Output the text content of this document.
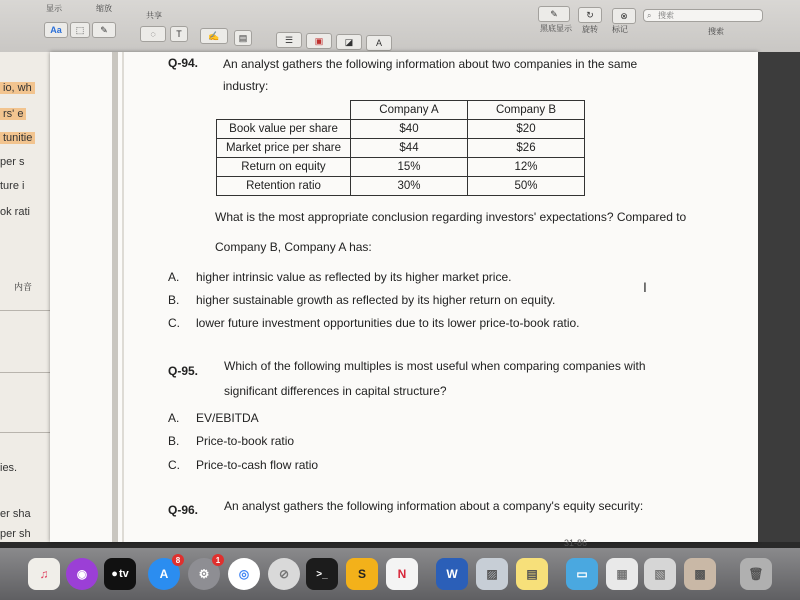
显示	缩放
共享
Aa	⬚	✎	◌	T	✍	▤	☰	▣	◪	A
✎	↻	⊗
黑底显示 旋转 标记
⌕ 搜索
搜索
io, wh
rs' e
tunitie
per s
ture i
ok rati
内音
ies.
er sha
per sh
Q-94. An analyst gathers the following information about two companies in the same
industry:
	Company A	Company B
Book value per share	$40	$20
Market price per share	$44	$26
Return on equity	15%	12%
Retention ratio	30%	50%
What is the most appropriate conclusion regarding investors' expectations? Compared to
Company B, Company A has:
A. higher intrinsic value as reflected by its higher market price.
B. higher sustainable growth as reflected by its higher return on equity.
C. lower future investment opportunities due to its lower price-to-book ratio.
I
Q-95. Which of the following multiples is most useful when comparing companies with
significant differences in capital structure?
A. EV/EBITDA
B. Price-to-book ratio
C. Price-to-cash flow ratio
Q-96. An analyst gathers the following information about a company's equity security:
31-86
♫	◉	● tv	A
8
⚙
1
◎	⊘	>_	S	N	W	▨	▤	▭	▦	▧	▩	🗑
